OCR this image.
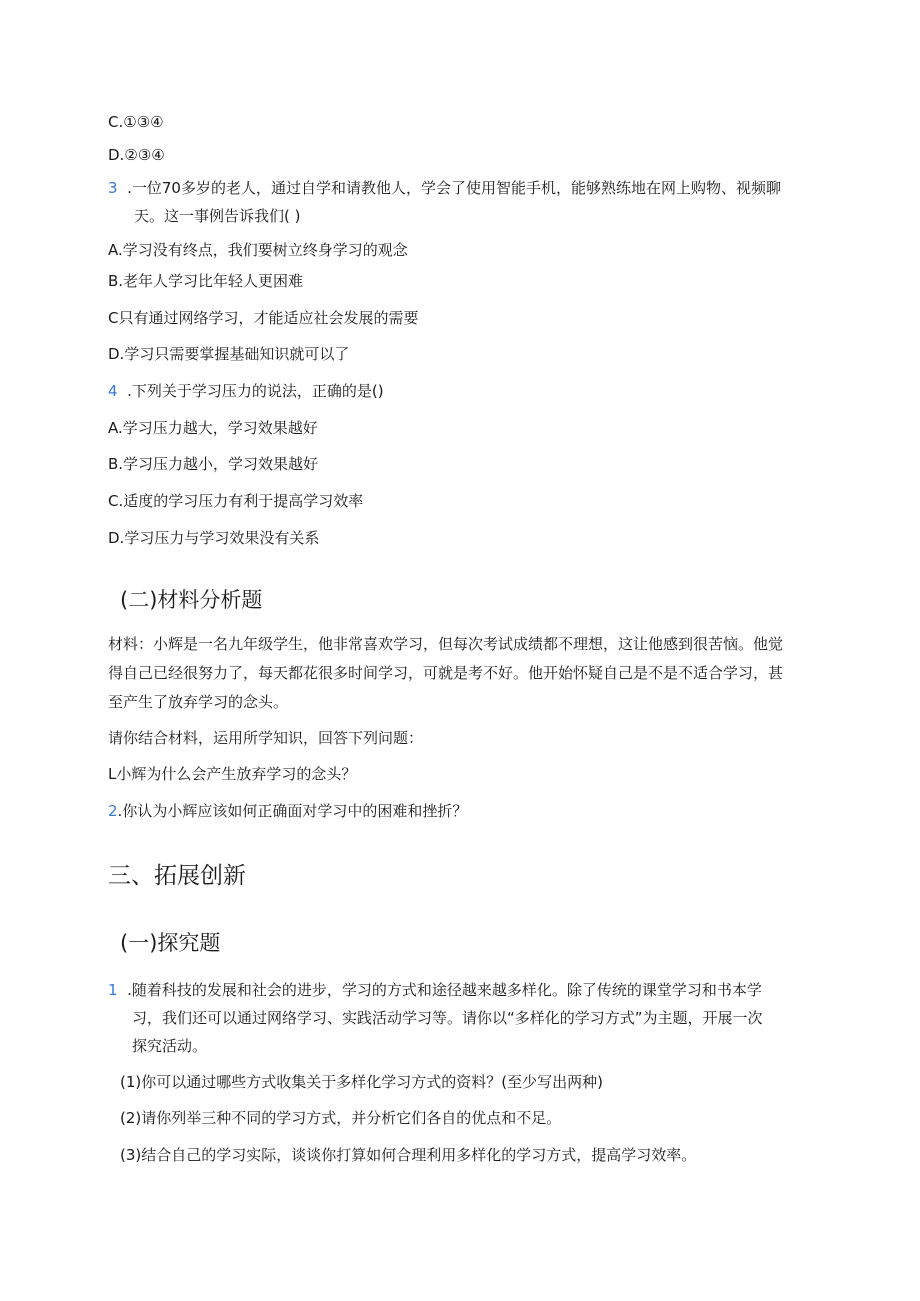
C.①③④
D.②③④
3 .一位70多岁的老人，通过自学和请教他人，学会了使用智能手机，能够熟练地在网上购物、视频聊
天。这一事例告诉我们( )
A.学习没有终点，我们要树立终身学习的观念
B.老年人学习比年轻人更困难
C只有通过网络学习，才能适应社会发展的需要
D.学习只需要掌握基础知识就可以了
4 .下列关于学习压力的说法，正确的是()
A.学习压力越大，学习效果越好
B.学习压力越小，学习效果越好
C.适度的学习压力有利于提高学习效率
D.学习压力与学习效果没有关系
(二)材料分析题
材料：小辉是一名九年级学生，他非常喜欢学习，但每次考试成绩都不理想，这让他感到很苦恼。他觉
得自己已经很努力了，每天都花很多时间学习，可就是考不好。他开始怀疑自己是不是不适合学习，甚
至产生了放弃学习的念头。
请你结合材料，运用所学知识，回答下列问题：
L小辉为什么会产生放弃学习的念头？
2.你认为小辉应该如何正确面对学习中的困难和挫折？
三、拓展创新
(一)探究题
1 .随着科技的发展和社会的进步，学习的方式和途径越来越多样化。除了传统的课堂学习和书本学
习，我们还可以通过网络学习、实践活动学习等。请你以“多样化的学习方式”为主题，开展一次
探究活动。
(1)你可以通过哪些方式收集关于多样化学习方式的资料？(至少写出两种)
(2)请你列举三种不同的学习方式，并分析它们各自的优点和不足。
(3)结合自己的学习实际，谈谈你打算如何合理利用多样化的学习方式，提高学习效率。
